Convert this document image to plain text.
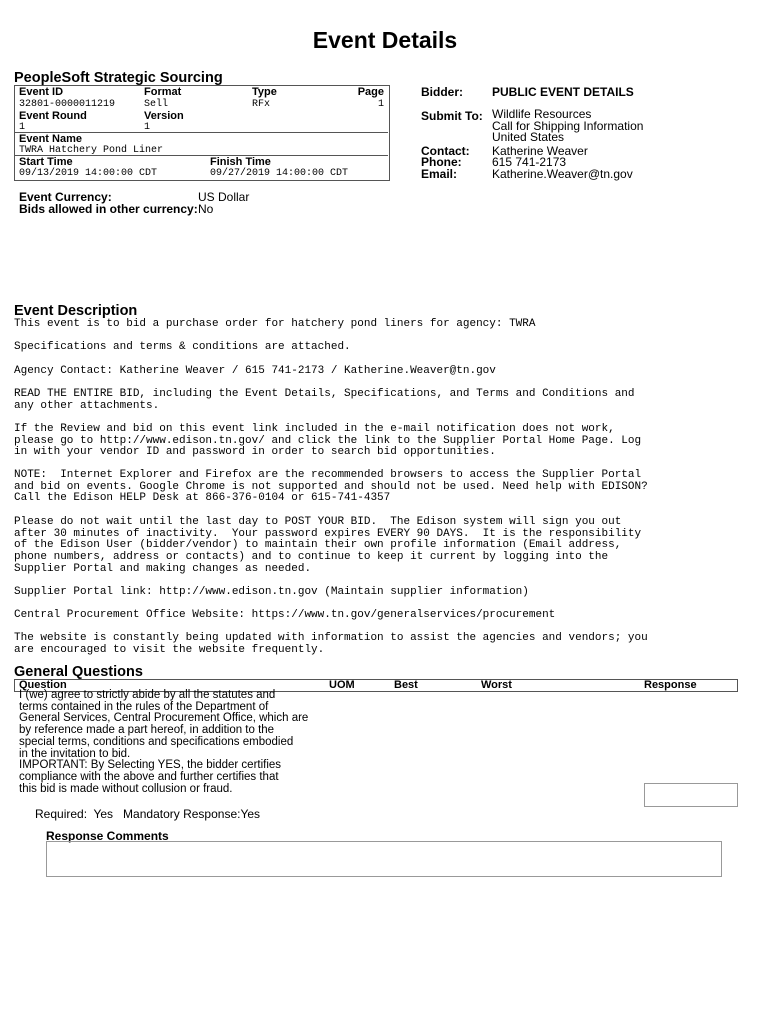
Event Details
PeopleSoft Strategic Sourcing
Event ID	Format	Type	Page
32801-0000011219	Sell	RFx	1
Event Round	Version
1	1
Event Name
TWRA Hatchery Pond Liner
Start Time	Finish Time
09/13/2019 14:00:00 CDT	09/27/2019 14:00:00 CDT
Bidder: PUBLIC EVENT DETAILS
Submit To: Wildlife Resources
Call for Shipping Information
United States
Contact: Katherine Weaver
Phone:	615 741-2173
Email:	Katherine.Weaver@tn.gov
Event Currency:	US Dollar
Bids allowed in other currency: No
Event Description
This event is to bid a purchase order for hatchery pond liners for agency: TWRA
Specifications and terms & conditions are attached.
Agency Contact: Katherine Weaver / 615 741-2173 / Katherine.Weaver@tn.gov
READ THE ENTIRE BID, including the Event Details, Specifications, and Terms and Conditions and
any other attachments.
If the Review and bid on this event link included in the e-mail notification does not work,
please go to http://www.edison.tn.gov/ and click the link to the Supplier Portal Home Page. Log
in with your vendor ID and password in order to search bid opportunities.
NOTE:  Internet Explorer and Firefox are the recommended browsers to access the Supplier Portal
and bid on events. Google Chrome is not supported and should not be used. Need help with EDISON?
Call the Edison HELP Desk at 866-376-0104 or 615-741-4357
Please do not wait until the last day to POST YOUR BID.  The Edison system will sign you out
after 30 minutes of inactivity.  Your password expires EVERY 90 DAYS.  It is the responsibility
of the Edison User (bidder/vendor) to maintain their own profile information (Email address,
phone numbers, address or contacts) and to continue to keep it current by logging into the
Supplier Portal and making changes as needed.
Supplier Portal link: http://www.edison.tn.gov (Maintain supplier information)
Central Procurement Office Website: https://www.tn.gov/generalservices/procurement
The website is constantly being updated with information to assist the agencies and vendors; you
are encouraged to visit the website frequently.
General Questions
Question	UOM	Best	Worst	Response
I (we) agree to strictly abide by all the statutes and
terms contained in the rules of the Department of
General Services, Central Procurement Office, which are
by reference made a part hereof, in addition to the
special terms, conditions and specifications embodied
in the invitation to bid.
IMPORTANT: By Selecting YES, the bidder certifies
compliance with the above and further certifies that
this bid is made without collusion or fraud.
Required:  Yes   Mandatory Response:Yes
Response Comments
